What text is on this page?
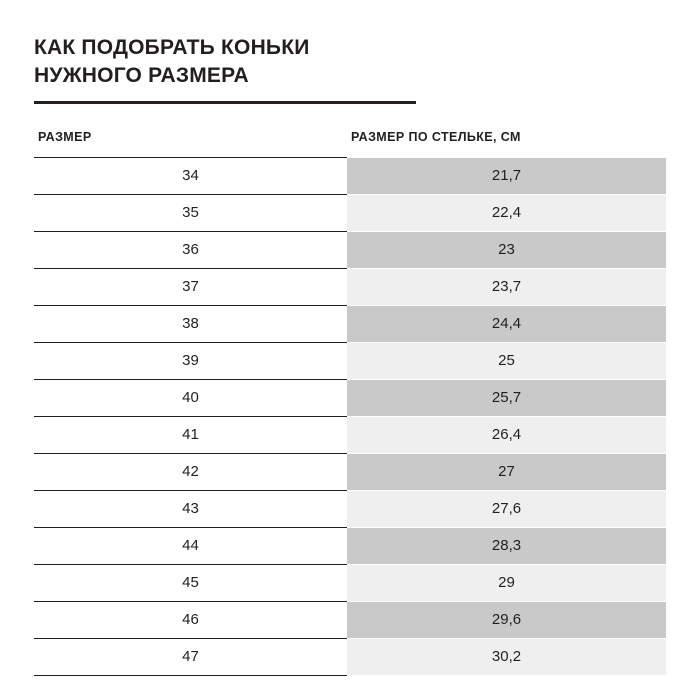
КАК ПОДОБРАТЬ КОНЬКИ
НУЖНОГО РАЗМЕРА
РАЗМЕР	РАЗМЕР ПО СТЕЛЬКЕ, СМ
34	21,7
35	22,4
36	23
37	23,7
38	24,4
39	25
40	25,7
41	26,4
42	27
43	27,6
44	28,3
45	29
46	29,6
47	30,2
